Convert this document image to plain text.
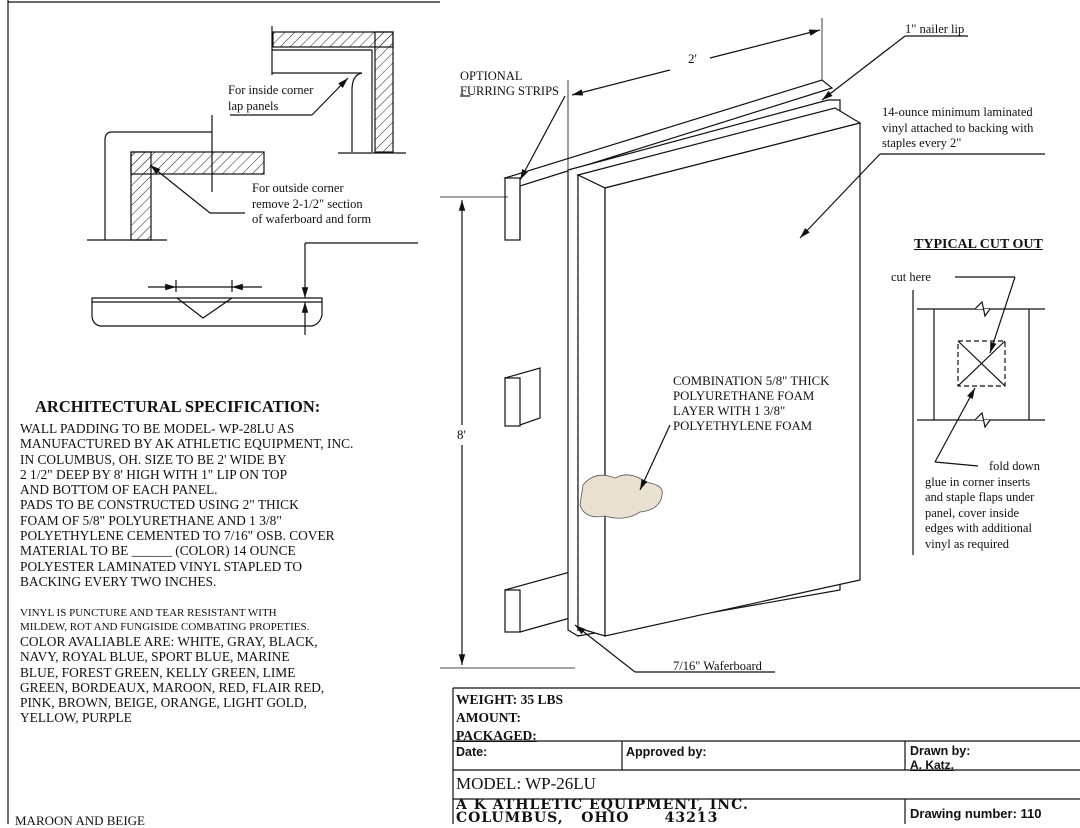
For inside corner
lap panels
For outside corner
remove 2-1/2" section
of waferboard and form
2'
8'
1" nailer lip
14-ounce minimum laminated
vinyl attached to backing with
staples every 2"
OPTIONAL
FURRING STRIPS
COMBINATION 5/8" THICK
POLYURETHANE FOAM
LAYER WITH 1 3/8"
POLYETHYLENE FOAM
7/16" Waferboard
TYPICAL CUT OUT
cut here
fold down
glue in corner inserts
and staple flaps under
panel, cover inside
edges with additional
vinyl as required
ARCHITECTURAL SPECIFICATION:
WALL PADDING TO BE MODEL- WP-28LU AS
MANUFACTURED BY AK ATHLETIC EQUIPMENT, INC.
IN COLUMBUS, OH. SIZE TO BE 2' WIDE BY
2 1/2" DEEP BY 8' HIGH WITH 1" LIP ON TOP
AND BOTTOM OF EACH PANEL.
PADS TO BE CONSTRUCTED USING 2" THICK
FOAM OF 5/8" POLYURETHANE AND 1 3/8"
POLYETHYLENE CEMENTED TO 7/16" OSB. COVER
MATERIAL TO BE ______ (COLOR) 14 OUNCE
POLYESTER LAMINATED VINYL STAPLED TO
BACKING EVERY TWO INCHES.
VINYL IS PUNCTURE AND TEAR RESISTANT WITH
MILDEW, ROT AND FUNGISIDE COMBATING PROPETIES.
COLOR AVALIABLE ARE: WHITE, GRAY, BLACK,
NAVY, ROYAL BLUE, SPORT BLUE, MARINE
BLUE, FOREST GREEN, KELLY GREEN, LIME
GREEN, BORDEAUX, MAROON, RED, FLAIR RED,
PINK, BROWN, BEIGE, ORANGE, LIGHT GOLD,
YELLOW, PURPLE
MAROON AND BEIGE
WEIGHT: 35 LBS
AMOUNT:
PACKAGED:
Date:	Approved by:	Drawn by:
A. Katz.
MODEL: WP-26LU
A K ATHLETIC EQUIPMENT, INC.
COLUMBUS,   OHIO      43213	Drawing number: 110
